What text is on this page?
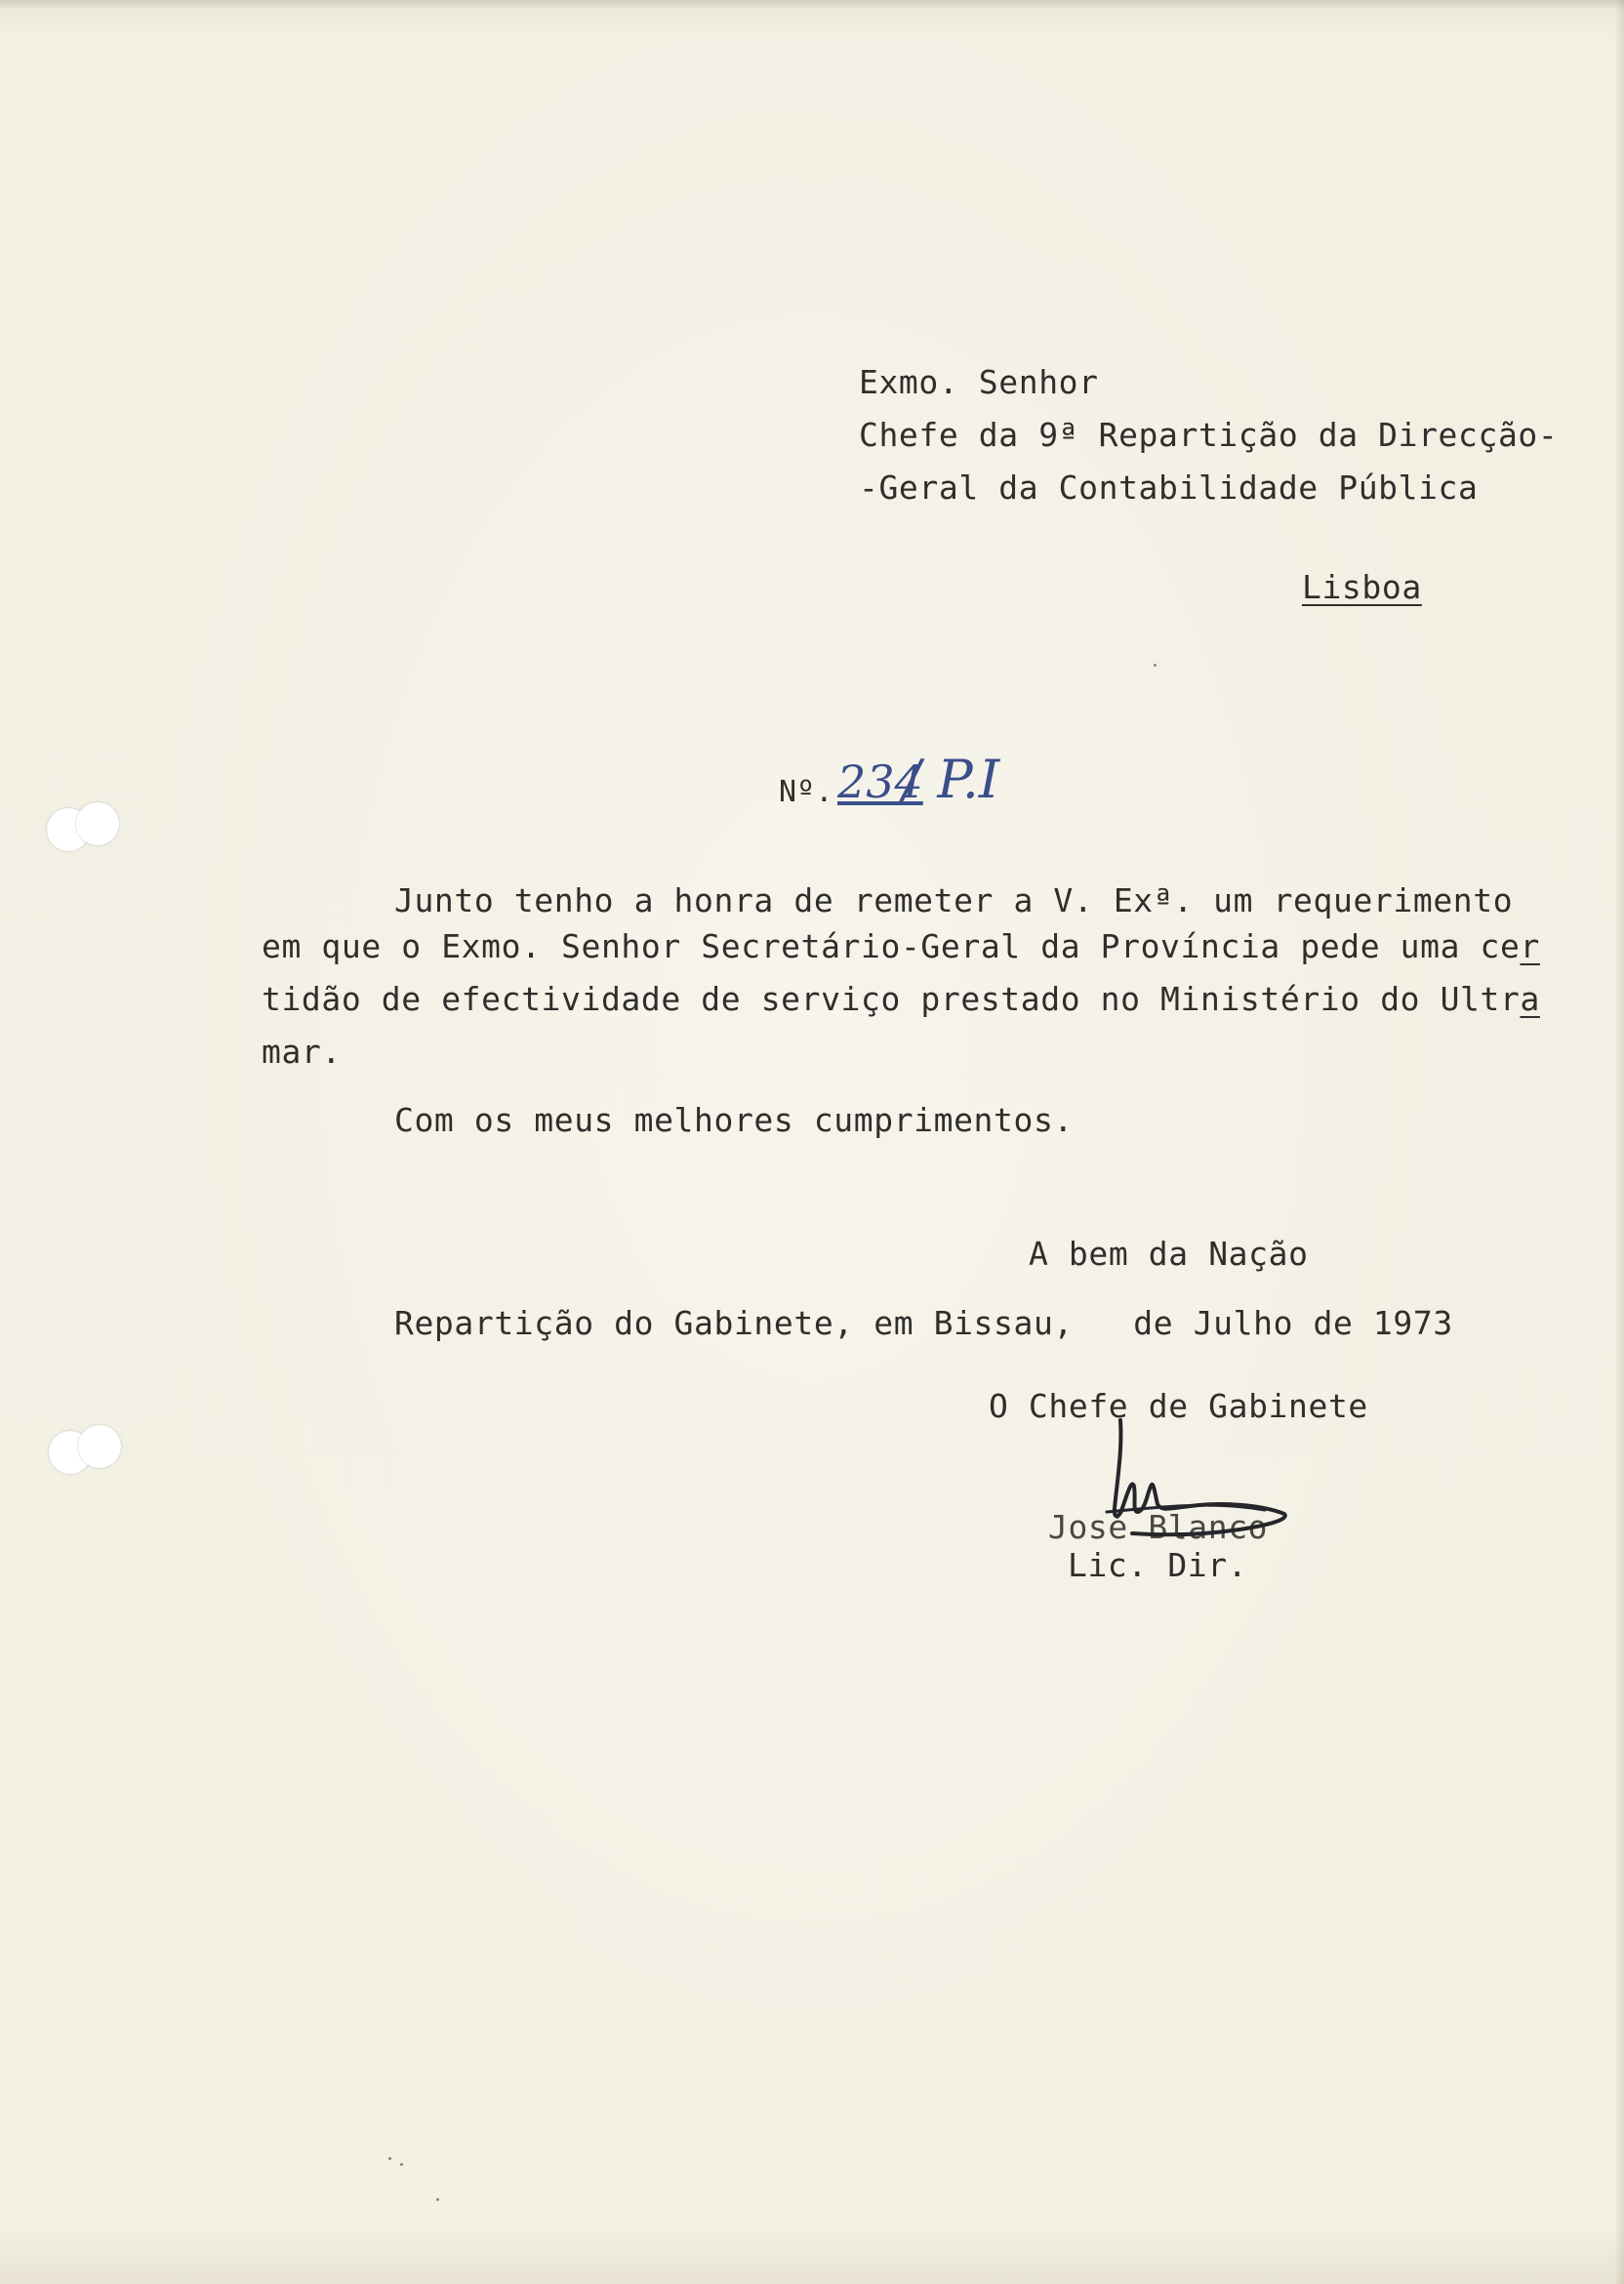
Exmo. Senhor
Chefe da 9ª Repartição da Direcção-
-Geral da Contabilidade Pública
Lisboa
Nº. 234
/ P.I
Junto tenho a honra de remeter a V. Exª. um requerimento
em que o Exmo. Senhor Secretário-Geral da Província pede uma cer
tidão de efectividade de serviço prestado no Ministério do Ultra
mar.
Com os meus melhores cumprimentos.
A bem da Nação
Repartição do Gabinete, em Bissau,   de Julho de 1973
O Chefe de Gabinete
José Blanco
Lic. Dir.
